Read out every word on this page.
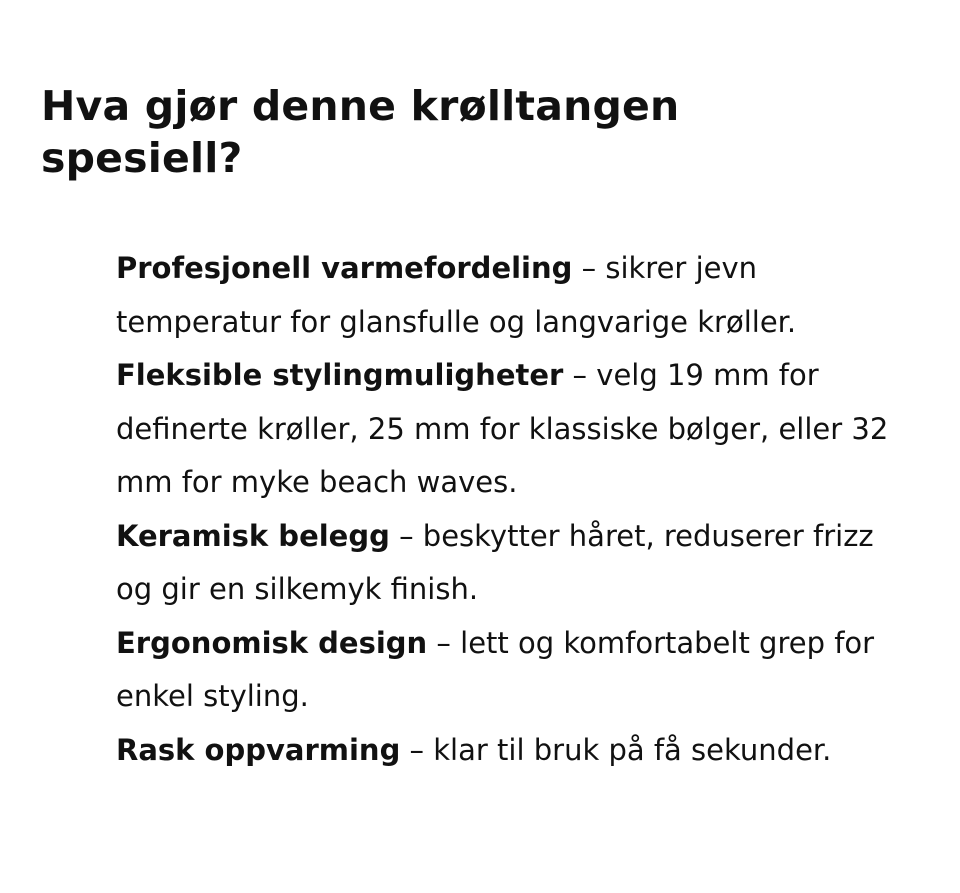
Hva gjør denne krølltangen spesiell?
Profesjonell varmefordeling – sikrer jevn temperatur for glansfulle og langvarige krøller.
Fleksible stylingmuligheter – velg 19 mm for definerte krøller, 25 mm for klassiske bølger, eller 32 mm for myke beach waves.
Keramisk belegg – beskytter håret, reduserer frizz og gir en silkemyk finish.
Ergonomisk design – lett og komfortabelt grep for enkel styling.
Rask oppvarming – klar til bruk på få sekunder.
